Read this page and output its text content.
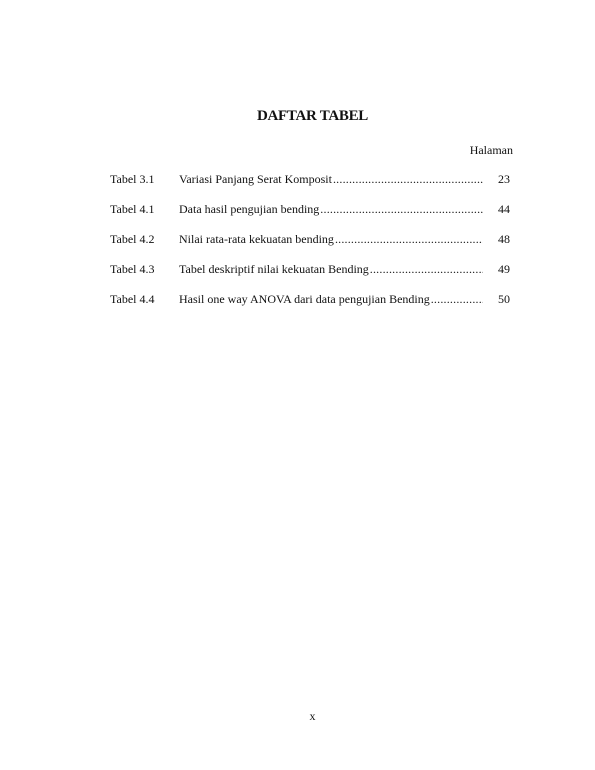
DAFTAR TABEL
Halaman
Tabel 3.1	Variasi Panjang Serat Komposit .....	23
Tabel 4.1	Data hasil pengujian bending .....	44
Tabel 4.2	Nilai rata-rata kekuatan bending .....	48
Tabel 4.3	Tabel deskriptif nilai kekuatan Bending .....	49
Tabel 4.4	Hasil one way ANOVA dari data pengujian Bending .....	50
x
